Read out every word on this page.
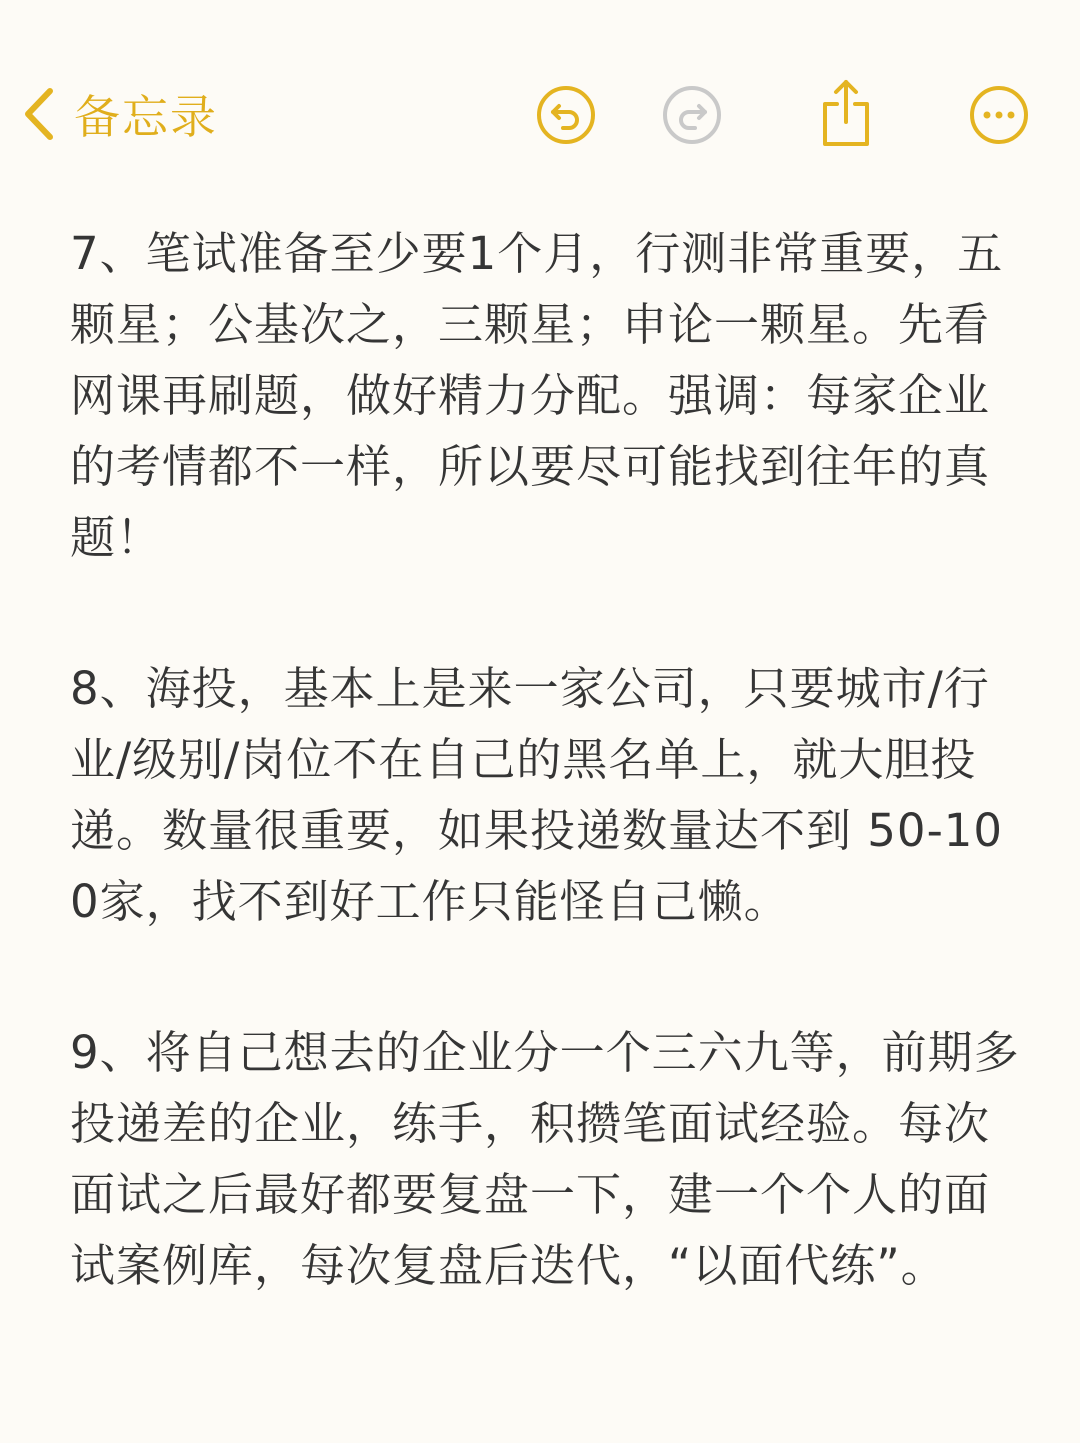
备忘录

7、笔试准备至少要1个月，行测非常重要，五颗星；公基次之，三颗星；申论一颗星。先看网课再刷题，做好精力分配。强调：每家企业的考情都不一样，所以要尽可能找到往年的真题！

8、海投，基本上是来一家公司，只要城市/行业/级别/岗位不在自己的黑名单上，就大胆投递。数量很重要，如果投递数量达不到 50-100家，找不到好工作只能怪自己懒。

9、将自己想去的企业分一个三六九等，前期多投递差的企业，练手，积攒笔面试经验。每次面试之后最好都要复盘一下，建一个个人的面试案例库，每次复盘后迭代，“以面代练”。
